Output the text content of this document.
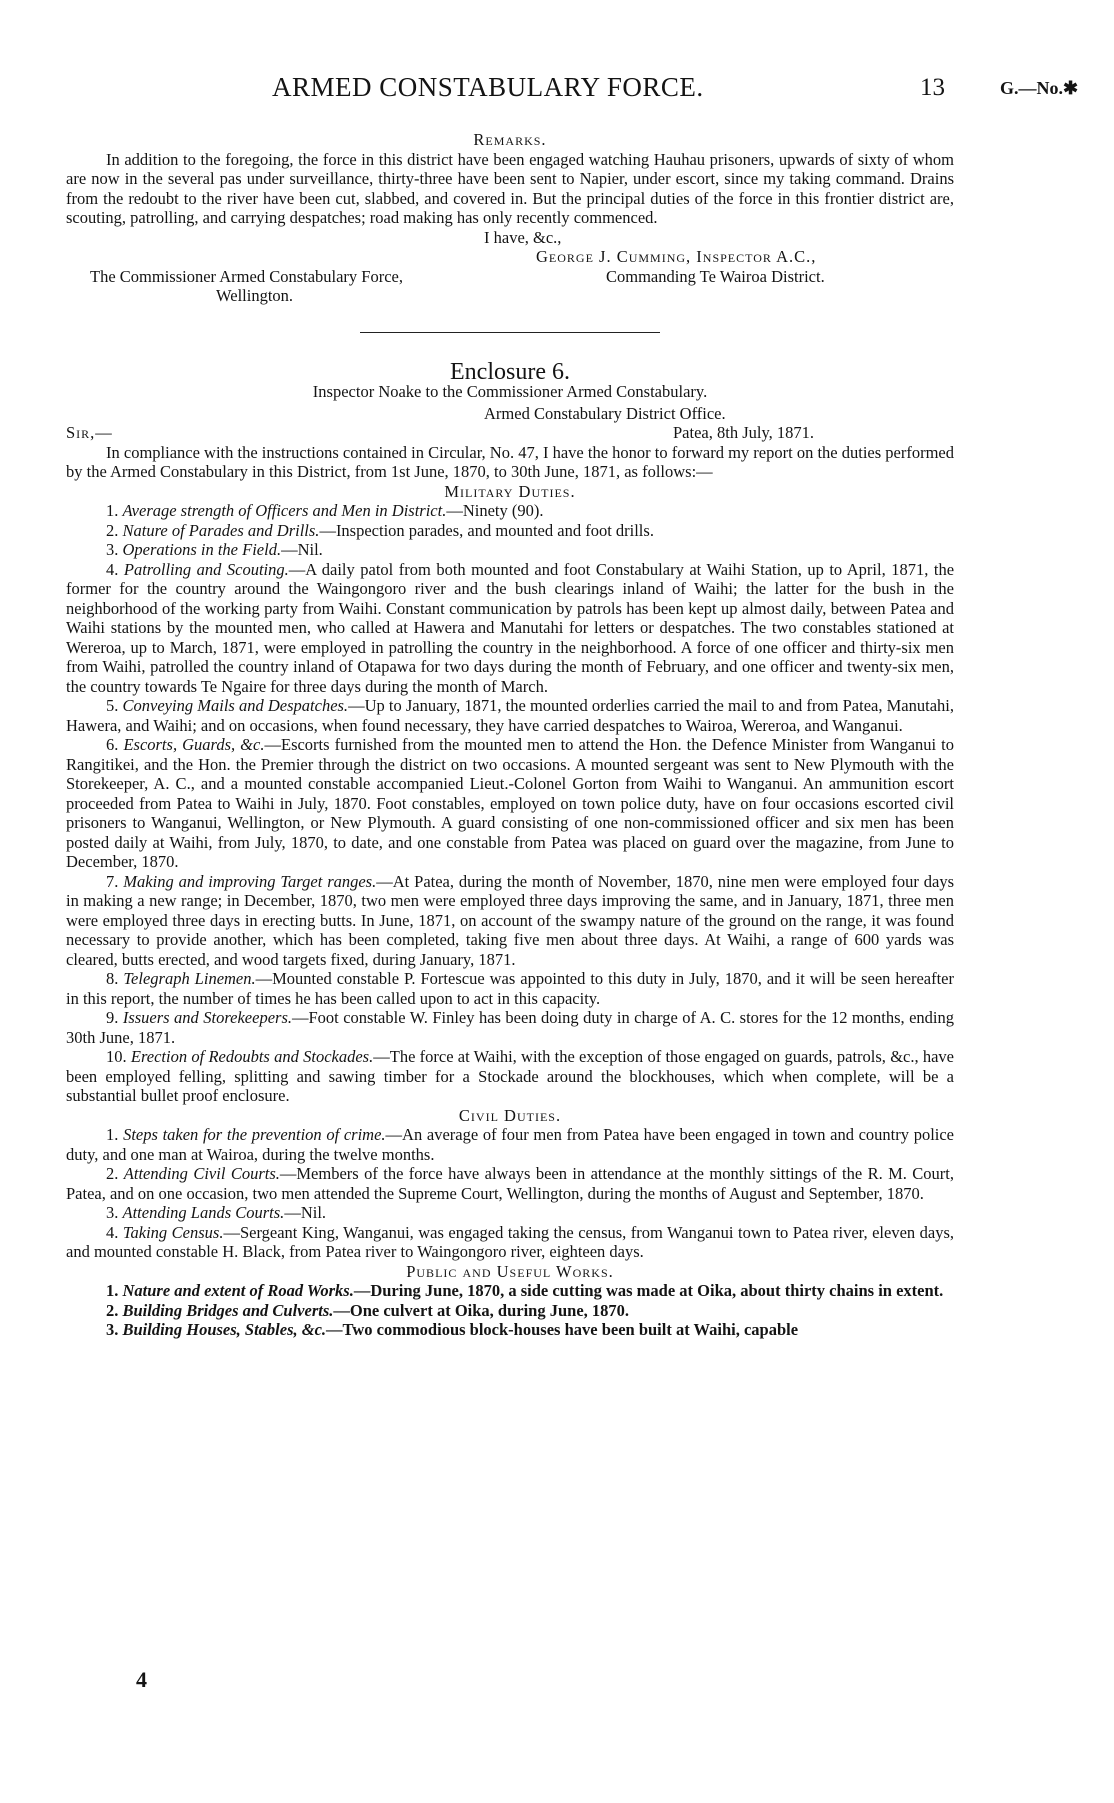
ARMED CONSTABULARY FORCE.	13	G.—No.✱

Remarks.

In addition to the foregoing, the force in this district have been engaged watching Hauhau prisoners, upwards of sixty of whom are now in the several pas under surveillance, thirty-three have been sent to Napier, under escort, since my taking command. Drains from the redoubt to the river have been cut, slabbed, and covered in. But the principal duties of the force in this frontier district are, scouting, patrolling, and carrying despatches; road making has only recently commenced.

I have, &c.,
George J. Cumming, Inspector A.C.,
The Commissioner Armed Constabulary Force,	Commanding Te Wairoa District.
Wellington.

Enclosure 6.

Inspector Noake to the Commissioner Armed Constabulary.

Armed Constabulary District Office.
Sir,—	Patea, 8th July, 1871.

In compliance with the instructions contained in Circular, No. 47, I have the honor to forward my report on the duties performed by the Armed Constabulary in this District, from 1st June, 1870, to 30th June, 1871, as follows:—

Military Duties.

1. Average strength of Officers and Men in District.—Ninety (90).

2. Nature of Parades and Drills.—Inspection parades, and mounted and foot drills.

3. Operations in the Field.—Nil.

4. Patrolling and Scouting.—A daily patol from both mounted and foot Constabulary at Waihi Station, up to April, 1871, the former for the country around the Waingongoro river and the bush clearings inland of Waihi; the latter for the bush in the neighborhood of the working party from Waihi. Constant communication by patrols has been kept up almost daily, between Patea and Waihi stations by the mounted men, who called at Hawera and Manutahi for letters or despatches. The two constables stationed at Wereroa, up to March, 1871, were employed in patrolling the country in the neighborhood. A force of one officer and thirty-six men from Waihi, patrolled the country inland of Otapawa for two days during the month of February, and one officer and twenty-six men, the country towards Te Ngaire for three days during the month of March.

5. Conveying Mails and Despatches.—Up to January, 1871, the mounted orderlies carried the mail to and from Patea, Manutahi, Hawera, and Waihi; and on occasions, when found necessary, they have carried despatches to Wairoa, Wereroa, and Wanganui.

6. Escorts, Guards, &c.—Escorts furnished from the mounted men to attend the Hon. the Defence Minister from Wanganui to Rangitikei, and the Hon. the Premier through the district on two occasions. A mounted sergeant was sent to New Plymouth with the Storekeeper, A. C., and a mounted constable accompanied Lieut.-Colonel Gorton from Waihi to Wanganui. An ammunition escort proceeded from Patea to Waihi in July, 1870. Foot constables, employed on town police duty, have on four occasions escorted civil prisoners to Wanganui, Wellington, or New Plymouth. A guard consisting of one non-commissioned officer and six men has been posted daily at Waihi, from July, 1870, to date, and one constable from Patea was placed on guard over the magazine, from June to December, 1870.

7. Making and improving Target ranges.—At Patea, during the month of November, 1870, nine men were employed four days in making a new range; in December, 1870, two men were employed three days improving the same, and in January, 1871, three men were employed three days in erecting butts. In June, 1871, on account of the swampy nature of the ground on the range, it was found necessary to provide another, which has been completed, taking five men about three days. At Waihi, a range of 600 yards was cleared, butts erected, and wood targets fixed, during January, 1871.

8. Telegraph Linemen.—Mounted constable P. Fortescue was appointed to this duty in July, 1870, and it will be seen hereafter in this report, the number of times he has been called upon to act in this capacity.

9. Issuers and Storekeepers.—Foot constable W. Finley has been doing duty in charge of A. C. stores for the 12 months, ending 30th June, 1871.

10. Erection of Redoubts and Stockades.—The force at Waihi, with the exception of those engaged on guards, patrols, &c., have been employed felling, splitting and sawing timber for a Stockade around the blockhouses, which when complete, will be a substantial bullet proof enclosure.

Civil Duties.

1. Steps taken for the prevention of crime.—An average of four men from Patea have been engaged in town and country police duty, and one man at Wairoa, during the twelve months.

2. Attending Civil Courts.—Members of the force have always been in attendance at the monthly sittings of the R. M. Court, Patea, and on one occasion, two men attended the Supreme Court, Wellington, during the months of August and September, 1870.

3. Attending Lands Courts.—Nil.

4. Taking Census.—Sergeant King, Wanganui, was engaged taking the census, from Wanganui town to Patea river, eleven days, and mounted constable H. Black, from Patea river to Waingongoro river, eighteen days.

Public and Useful Works.

1. Nature and extent of Road Works.—During June, 1870, a side cutting was made at Oika, about thirty chains in extent.

2. Building Bridges and Culverts.—One culvert at Oika, during June, 1870.

3. Building Houses, Stables, &c.—Two commodious block-houses have been built at Waihi, capable

4
